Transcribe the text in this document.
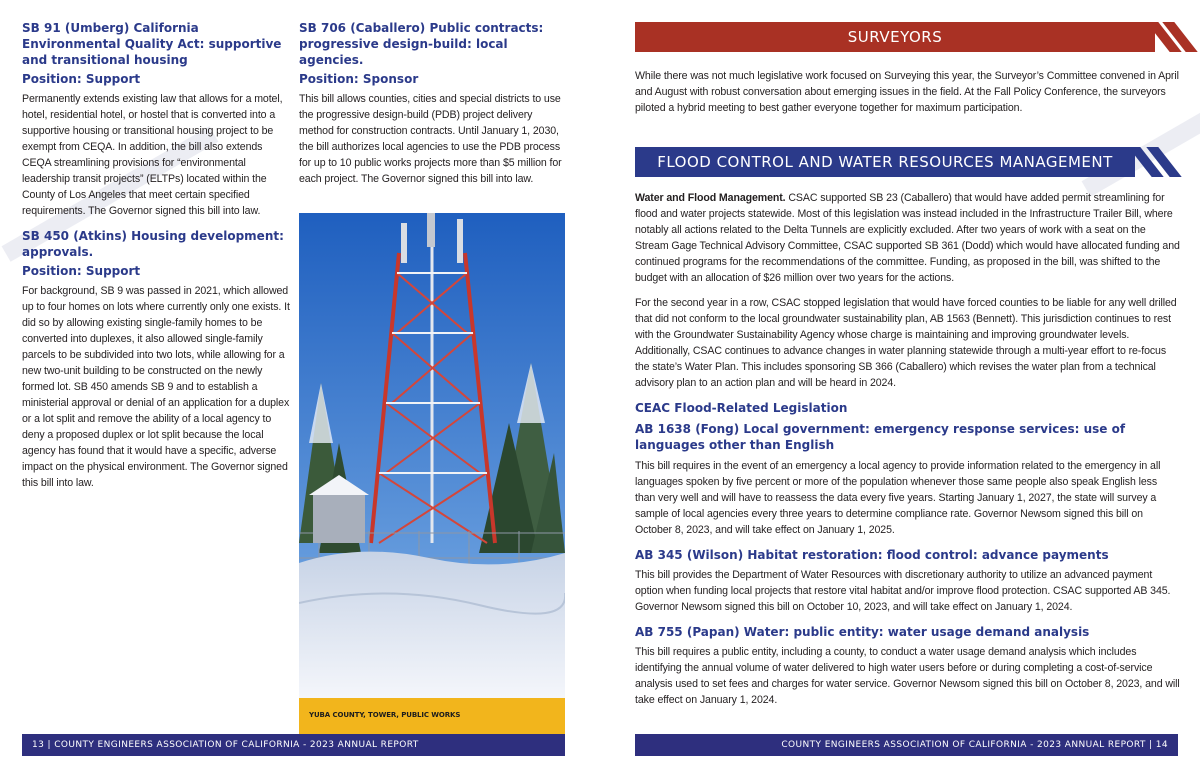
SB 91 (Umberg) California Environmental Quality Act: supportive and transitional housing
Position: Support
Permanently extends existing law that allows for a motel, hotel, residential hotel, or hostel that is converted into a supportive housing or transitional housing project to be exempt from CEQA. In addition, the bill also extends CEQA streamlining provisions for “environmental leadership transit projects” (ELTPs) located within the County of Los Angeles that meet certain specified requirements. The Governor signed this bill into law.
SB 450 (Atkins) Housing development: approvals.
Position: Support
For background, SB 9 was passed in 2021, which allowed up to four homes on lots where currently only one exists. It did so by allowing existing single-family homes to be converted into duplexes, it also allowed single-family parcels to be subdivided into two lots, while allowing for a new two-unit building to be constructed on the newly formed lot. SB 450 amends SB 9 and to establish a ministerial approval or denial of an application for a duplex or a lot split and remove the ability of a local agency to deny a proposed duplex or lot split because the local agency has found that it would have a specific, adverse impact on the physical environment. The Governor signed this bill into law.
SB 706 (Caballero) Public contracts: progressive design-build: local agencies.
Position: Sponsor
This bill allows counties, cities and special districts to use the progressive design-build (PDB) project delivery method for construction contracts. Until January 1, 2030, the bill authorizes local agencies to use the PDB process for up to 10 public works projects more than $5 million for each project. The Governor signed this bill into law.
YUBA COUNTY, TOWER, PUBLIC WORKS
13 | COUNTY ENGINEERS ASSOCIATION OF CALIFORNIA - 2023 ANNUAL REPORT
SURVEYORS
While there was not much legislative work focused on Surveying this year, the Surveyor’s Committee convened in April and August with robust conversation about emerging issues in the field. At the Fall Policy Conference, the surveyors piloted a hybrid meeting to best gather everyone together for maximum participation.
FLOOD CONTROL AND WATER RESOURCES MANAGEMENT
Water and Flood Management. CSAC supported SB 23 (Caballero) that would have added permit streamlining for flood and water projects statewide. Most of this legislation was instead included in the Infrastructure Trailer Bill, where notably all actions related to the Delta Tunnels are explicitly excluded. After two years of work with a seat on the Stream Gage Technical Advisory Committee, CSAC supported SB 361 (Dodd) which would have allocated funding and continued programs for the recommendations of the committee. Funding, as proposed in the bill, was shifted to the budget with an allocation of $26 million over two years for the actions.
For the second year in a row, CSAC stopped legislation that would have forced counties to be liable for any well drilled that did not conform to the local groundwater sustainability plan, AB 1563 (Bennett). This jurisdiction continues to rest with the Groundwater Sustainability Agency whose charge is maintaining and improving groundwater levels. Additionally, CSAC continues to advance changes in water planning statewide through a multi-year effort to re-focus the state’s Water Plan. This includes sponsoring SB 366 (Caballero) which revises the water plan from a technical advisory plan to an action plan and will be heard in 2024.
CEAC Flood-Related Legislation
AB 1638 (Fong) Local government: emergency response services: use of languages other than English
This bill requires in the event of an emergency a local agency to provide information related to the emergency in all languages spoken by five percent or more of the population whenever those same people also speak English less than very well and will have to reassess the data every five years. Starting January 1, 2027, the state will survey a sample of local agencies every three years to determine compliance rate. Governor Newsom signed this bill on October 8, 2023, and will take effect on January 1, 2025.
AB 345 (Wilson) Habitat restoration: flood control: advance payments
This bill provides the Department of Water Resources with discretionary authority to utilize an advanced payment option when funding local projects that restore vital habitat and/or improve flood protection. CSAC supported AB 345. Governor Newsom signed this bill on October 10, 2023, and will take effect on January 1, 2024.
AB 755 (Papan) Water: public entity: water usage demand analysis
This bill requires a public entity, including a county, to conduct a water usage demand analysis which includes identifying the annual volume of water delivered to high water users before or during completing a cost-of-service analysis used to set fees and charges for water service. Governor Newsom signed this bill on October 8, 2023, and will take effect on January 1, 2024.
COUNTY ENGINEERS ASSOCIATION OF CALIFORNIA - 2023 ANNUAL REPORT | 14
